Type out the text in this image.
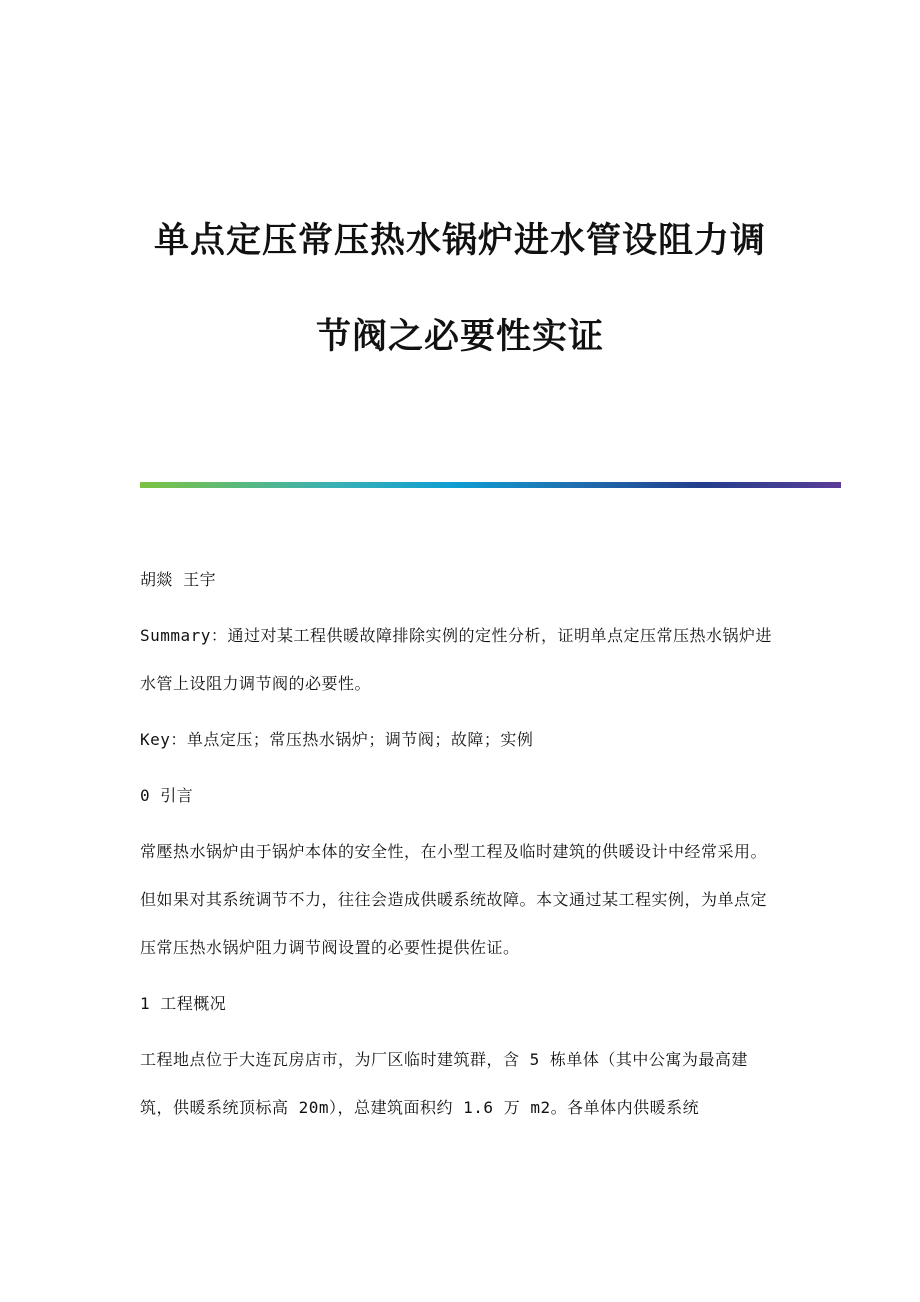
单点定压常压热水锅炉进水管设阻力调
节阀之必要性实证

胡燚 王宇

Summary：通过对某工程供暖故障排除实例的定性分析，证明单点定压常压热水锅炉进水管上设阻力调节阀的必要性。

Key：单点定压；常压热水锅炉；调节阀；故障；实例

0 引言

常壓热水锅炉由于锅炉本体的安全性，在小型工程及临时建筑的供暖设计中经常采用。但如果对其系统调节不力，往往会造成供暖系统故障。本文通过某工程实例，为单点定压常压热水锅炉阻力调节阀设置的必要性提供佐证。

1 工程概况

工程地点位于大连瓦房店市，为厂区临时建筑群，含 5 栋单体（其中公寓为最高建筑，供暖系统顶标高 20m），总建筑面积约 1.6 万 m2。各单体内供暖系统
